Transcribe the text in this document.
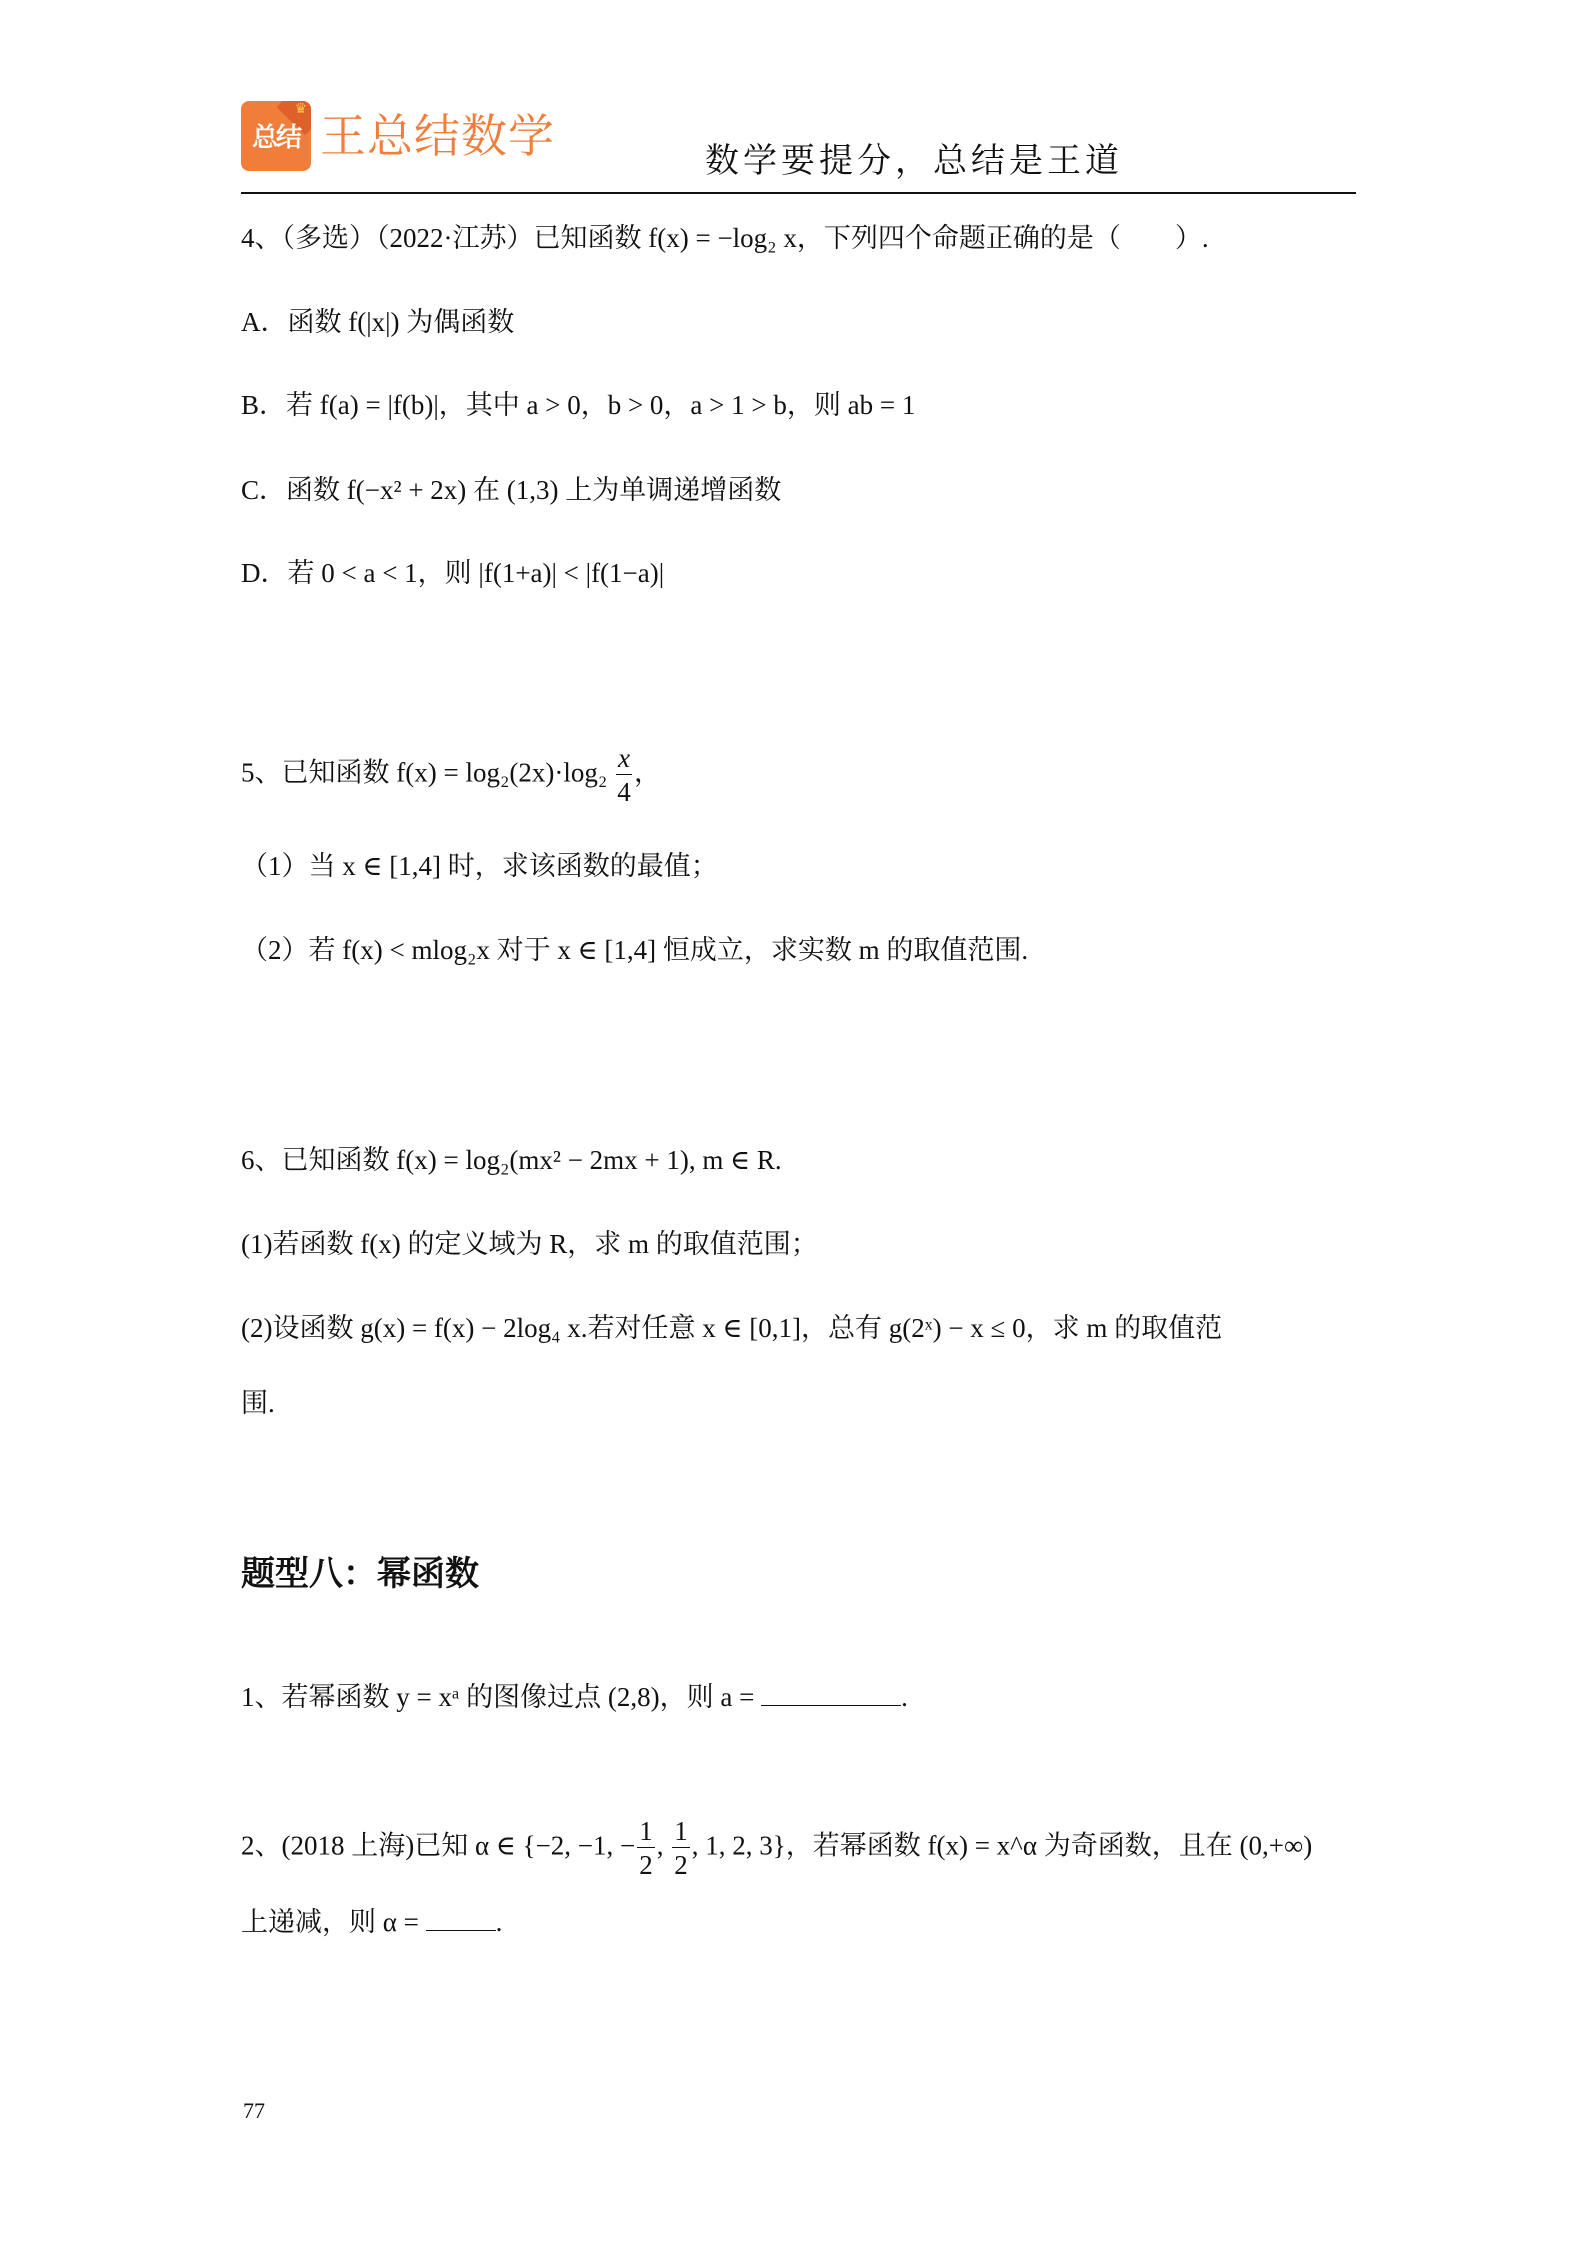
♛
总结 王总结数学	数学要提分，总结是王道
4、（多选）（2022·江苏）已知函数 f(x) = −log₂ x，下列四个命题正确的是（　　）.
A．函数 f(|x|) 为偶函数
B．若 f(a) = |f(b)|，其中 a > 0，b > 0，a > 1 > b，则 ab = 1
C．函数 f(−x² + 2x) 在 (1,3) 上为单调递增函数
D．若 0 < a < 1，则 |f(1+a)| < |f(1−a)|
5、已知函数 $f(x) = \log_2(2x)\cdot\log_2 \frac{x}{4}$ ，
（1）当 x ∈ [1,4] 时，求该函数的最值；
（2）若 f(x) < mlog₂x 对于 x ∈ [1,4] 恒成立，求实数 m 的取值范围.
6、已知函数 f(x) = log₂(mx² − 2mx + 1), m ∈ R.
(1)若函数 f(x) 的定义域为 R，求 m 的取值范围；
(2)设函数 g(x) = f(x) − 2log₄ x.若对任意 x ∈ [0,1]，总有 g(2ˣ) − x ≤ 0，求 m 的取值范
围.
题型八：幂函数
1、若幂函数 y = xᵃ 的图像过点 (2,8)，则 a =	.
2、(2018 上海)已知 α ∈ {−2, −1, − $\frac{1}{2}$ , $\frac{1}{2}$ , 1, 2, 3}，若幂函数 f(x) = x^α 为奇函数，且在 (0,+∞)
上递减，则 α =	.
77
